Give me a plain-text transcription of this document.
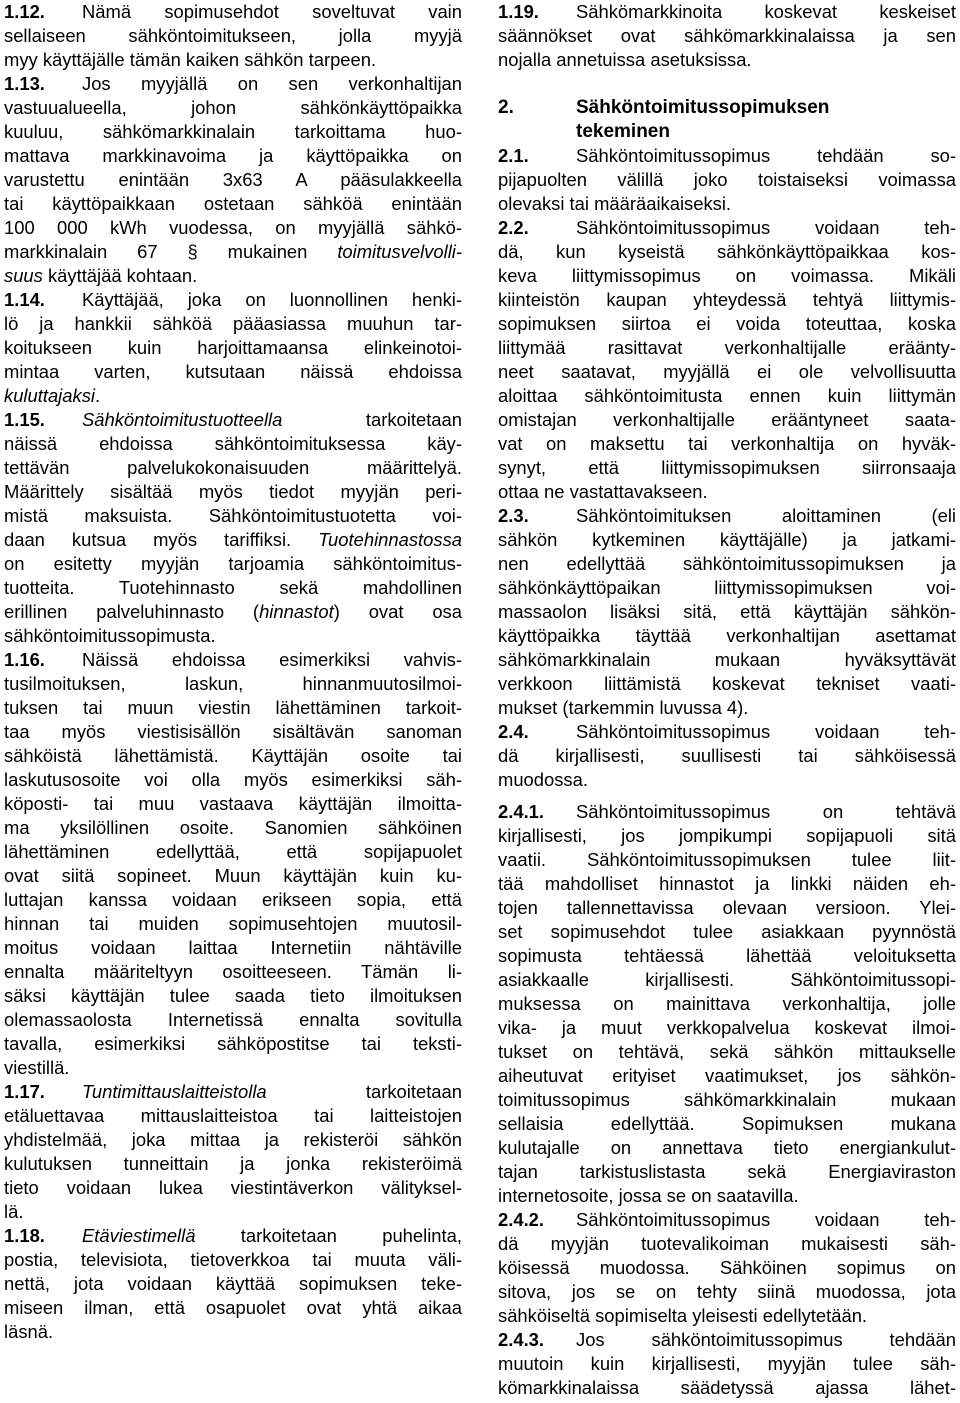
1.12. Nämä sopimusehdot soveltuvat vain
sellaiseen sähköntoimitukseen, jolla myyjä
myy käyttäjälle tämän kaiken sähkön tarpeen.
1.13. Jos myyjällä on sen verkonhaltijan
vastuualueella, johon sähkönkäyttöpaikka
kuuluu, sähkömarkkinalain tarkoittama huo-
mattava markkinavoima ja käyttöpaikka on
varustettu enintään 3x63 A pääsulakkeella
tai käyttöpaikkaan ostetaan sähköä enintään
100 000 kWh vuodessa, on myyjällä sähkö-
markkinalain 67 § mukainen toimitusvelvolli-
suus käyttäjää kohtaan.
1.14. Käyttäjää, joka on luonnollinen henki-
lö ja hankkii sähköä pääasiassa muuhun tar-
koitukseen kuin harjoittamaansa elinkeinotoi-
mintaa varten, kutsutaan näissä ehdoissa
kuluttajaksi.
1.15. Sähköntoimitustuotteella tarkoitetaan
näissä ehdoissa sähköntoimituksessa käy-
tettävän palvelukokonaisuuden määrittelyä.
Määrittely sisältää myös tiedot myyjän peri-
mistä maksuista. Sähköntoimitustuotetta voi-
daan kutsua myös tariffiksi. Tuotehinnastossa
on esitetty myyjän tarjoamia sähköntoimitus-
tuotteita. Tuotehinnasto sekä mahdollinen
erillinen palveluhinnasto (hinnastot) ovat osa
sähköntoimitussopimusta.
1.16. Näissä ehdoissa esimerkiksi vahvis-
tusilmoituksen, laskun, hinnanmuutosilmoi-
tuksen tai muun viestin lähettäminen tarkoit-
taa myös viestisisällön sisältävän sanoman
sähköistä lähettämistä. Käyttäjän osoite tai
laskutusosoite voi olla myös esimerkiksi säh-
köposti- tai muu vastaava käyttäjän ilmoitta-
ma yksilöllinen osoite. Sanomien sähköinen
lähettäminen edellyttää, että sopijapuolet
ovat siitä sopineet. Muun käyttäjän kuin ku-
luttajan kanssa voidaan erikseen sopia, että
hinnan tai muiden sopimusehtojen muutosil-
moitus voidaan laittaa Internetiin nähtäville
ennalta määriteltyyn osoitteeseen. Tämän li-
säksi käyttäjän tulee saada tieto ilmoituksen
olemassaolosta Internetissä ennalta sovitulla
tavalla, esimerkiksi sähköpostitse tai teksti-
viestillä.
1.17. Tuntimittauslaitteistolla tarkoitetaan
etäluettavaa mittauslaitteistoa tai laitteistojen
yhdistelmää, joka mittaa ja rekisteröi sähkön
kulutuksen tunneittain ja jonka rekisteröimä
tieto voidaan lukea viestintäverkon välityksel-
lä.
1.18. Etäviestimellä tarkoitetaan puhelinta,
postia, televisiota, tietoverkkoa tai muuta väli-
nettä, jota voidaan käyttää sopimuksen teke-
miseen ilman, että osapuolet ovat yhtä aikaa
läsnä.
1.19. Sähkömarkkinoita koskevat keskeiset
säännökset ovat sähkömarkkinalaissa ja sen
nojalla annetuissa asetuksissa.
2.	Sähköntoimitussopimuksen
tekeminen
2.1.	Sähköntoimitussopimus tehdään so-
pijapuolten välillä joko toistaiseksi voimassa
olevaksi tai määräaikaiseksi.
2.2.	Sähköntoimitussopimus voidaan teh-
dä, kun kyseistä sähkönkäyttöpaikkaa kos-
keva liittymissopimus on voimassa. Mikäli
kiinteistön kaupan yhteydessä tehtyä liittymis-
sopimuksen siirtoa ei voida toteuttaa, koska
liittymää rasittavat verkonhaltijalle eräänty-
neet saatavat, myyjällä ei ole velvollisuutta
aloittaa sähköntoimitusta ennen kuin liittymän
omistajan verkonhaltijalle erääntyneet saata-
vat on maksettu tai verkonhaltija on hyväk-
synyt, että liittymissopimuksen siirronsaaja
ottaa ne vastattavakseen.
2.3.	Sähköntoimituksen aloittaminen (eli
sähkön kytkeminen käyttäjälle) ja jatkami-
nen edellyttää sähköntoimitussopimuksen ja
sähkönkäyttöpaikan liittymissopimuksen voi-
massaolon lisäksi sitä, että käyttäjän sähkön-
käyttöpaikka täyttää verkonhaltijan asettamat
sähkömarkkinalain mukaan hyväksyttävät
verkkoon liittämistä koskevat tekniset vaati-
mukset (tarkemmin luvussa 4).
2.4.	Sähköntoimitussopimus voidaan teh-
dä kirjallisesti, suullisesti tai sähköisessä
muodossa.
2.4.1. Sähköntoimitussopimus on tehtävä
kirjallisesti, jos jompikumpi sopijapuoli sitä
vaatii. Sähköntoimitussopimuksen tulee liit-
tää mahdolliset hinnastot ja linkki näiden eh-
tojen tallennettavissa olevaan versioon. Ylei-
set sopimusehdot tulee asiakkaan pyynnöstä
sopimusta tehtäessä lähettää veloituksetta
asiakkaalle kirjallisesti. Sähköntoimitussopi-
muksessa on mainittava verkonhaltija, jolle
vika- ja muut verkkopalvelua koskevat ilmoi-
tukset on tehtävä, sekä sähkön mittaukselle
aiheutuvat erityiset vaatimukset, jos sähkön-
toimitussopimus sähkömarkkinalain mukaan
sellaisia edellyttää. Sopimuksen mukana
kulutajalle on annettava tieto energiankulut-
tajan tarkistuslistasta sekä Energiaviraston
internetosoite, jossa se on saatavilla.
2.4.2. Sähköntoimitussopimus voidaan teh-
dä myyjän tuotevalikoiman mukaisesti säh-
köisessä muodossa. Sähköinen sopimus on
sitova, jos se on tehty siinä muodossa, jota
sähköiseltä sopimiselta yleisesti edellytetään.
2.4.3. Jos sähköntoimitussopimus tehdään
muutoin kuin kirjallisesti, myyjän tulee säh-
kömarkkinalaissa säädetyssä ajassa lähet-
